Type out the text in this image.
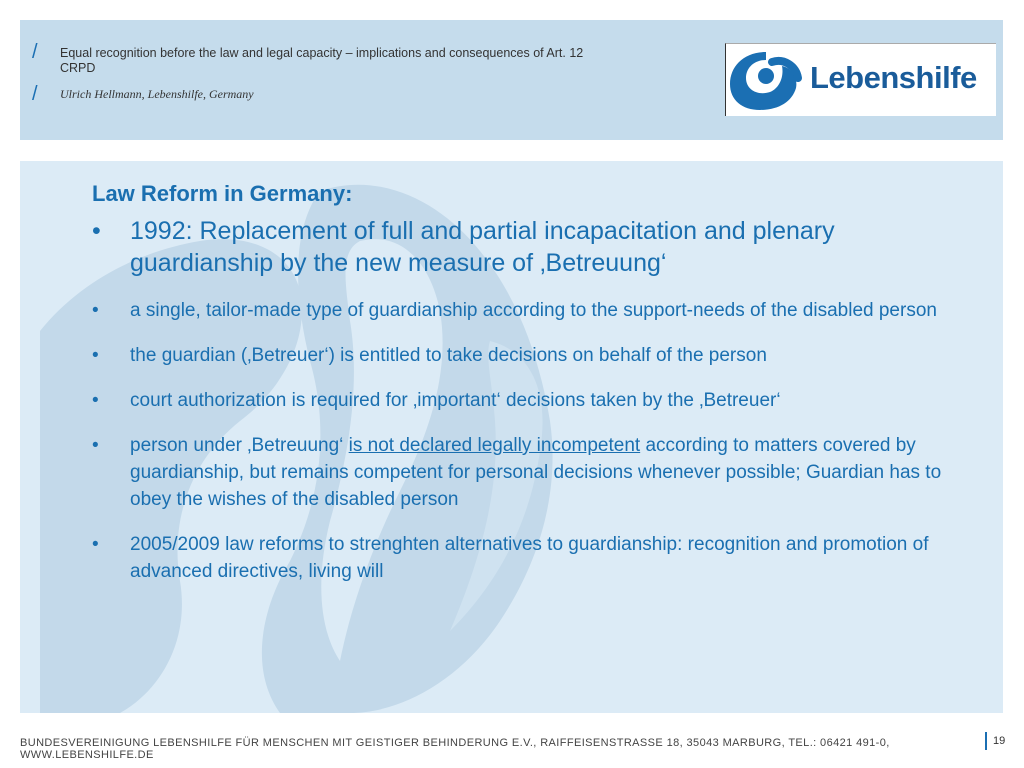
/ Equal recognition before the law and legal capacity – implications and consequences of Art. 12 CRPD
/ Ulrich Hellmann, Lebenshilfe, Germany	Lebenshilfe

Law Reform in Germany:

• 1992: Replacement of full and partial incapacitation and plenary guardianship by the new measure of ‚Betreuung‘
• a single, tailor-made type of guardianship according to the support-needs of the disabled person
• the guardian (‚Betreuer‘) is entitled to take decisions on behalf of the person
• court authorization is required for ‚important‘ decisions taken by the ‚Betreuer‘
• person under ‚Betreuung‘ is not declared legally incompetent according to matters covered by guardianship, but remains competent for personal decisions whenever possible; Guardian has to obey the wishes of the disabled person
• 2005/2009 law reforms to strenghten alternatives to guardianship: recognition and promotion of advanced directives, living will
BUNDESVEREINIGUNG LEBENSHILFE FÜR MENSCHEN MIT GEISTIGER BEHINDERUNG E.V., RAIFFEISENSTRASSE 18, 35043 MARBURG, TEL.: 06421 491-0, WWW.LEBENSHILFE.DE
19
